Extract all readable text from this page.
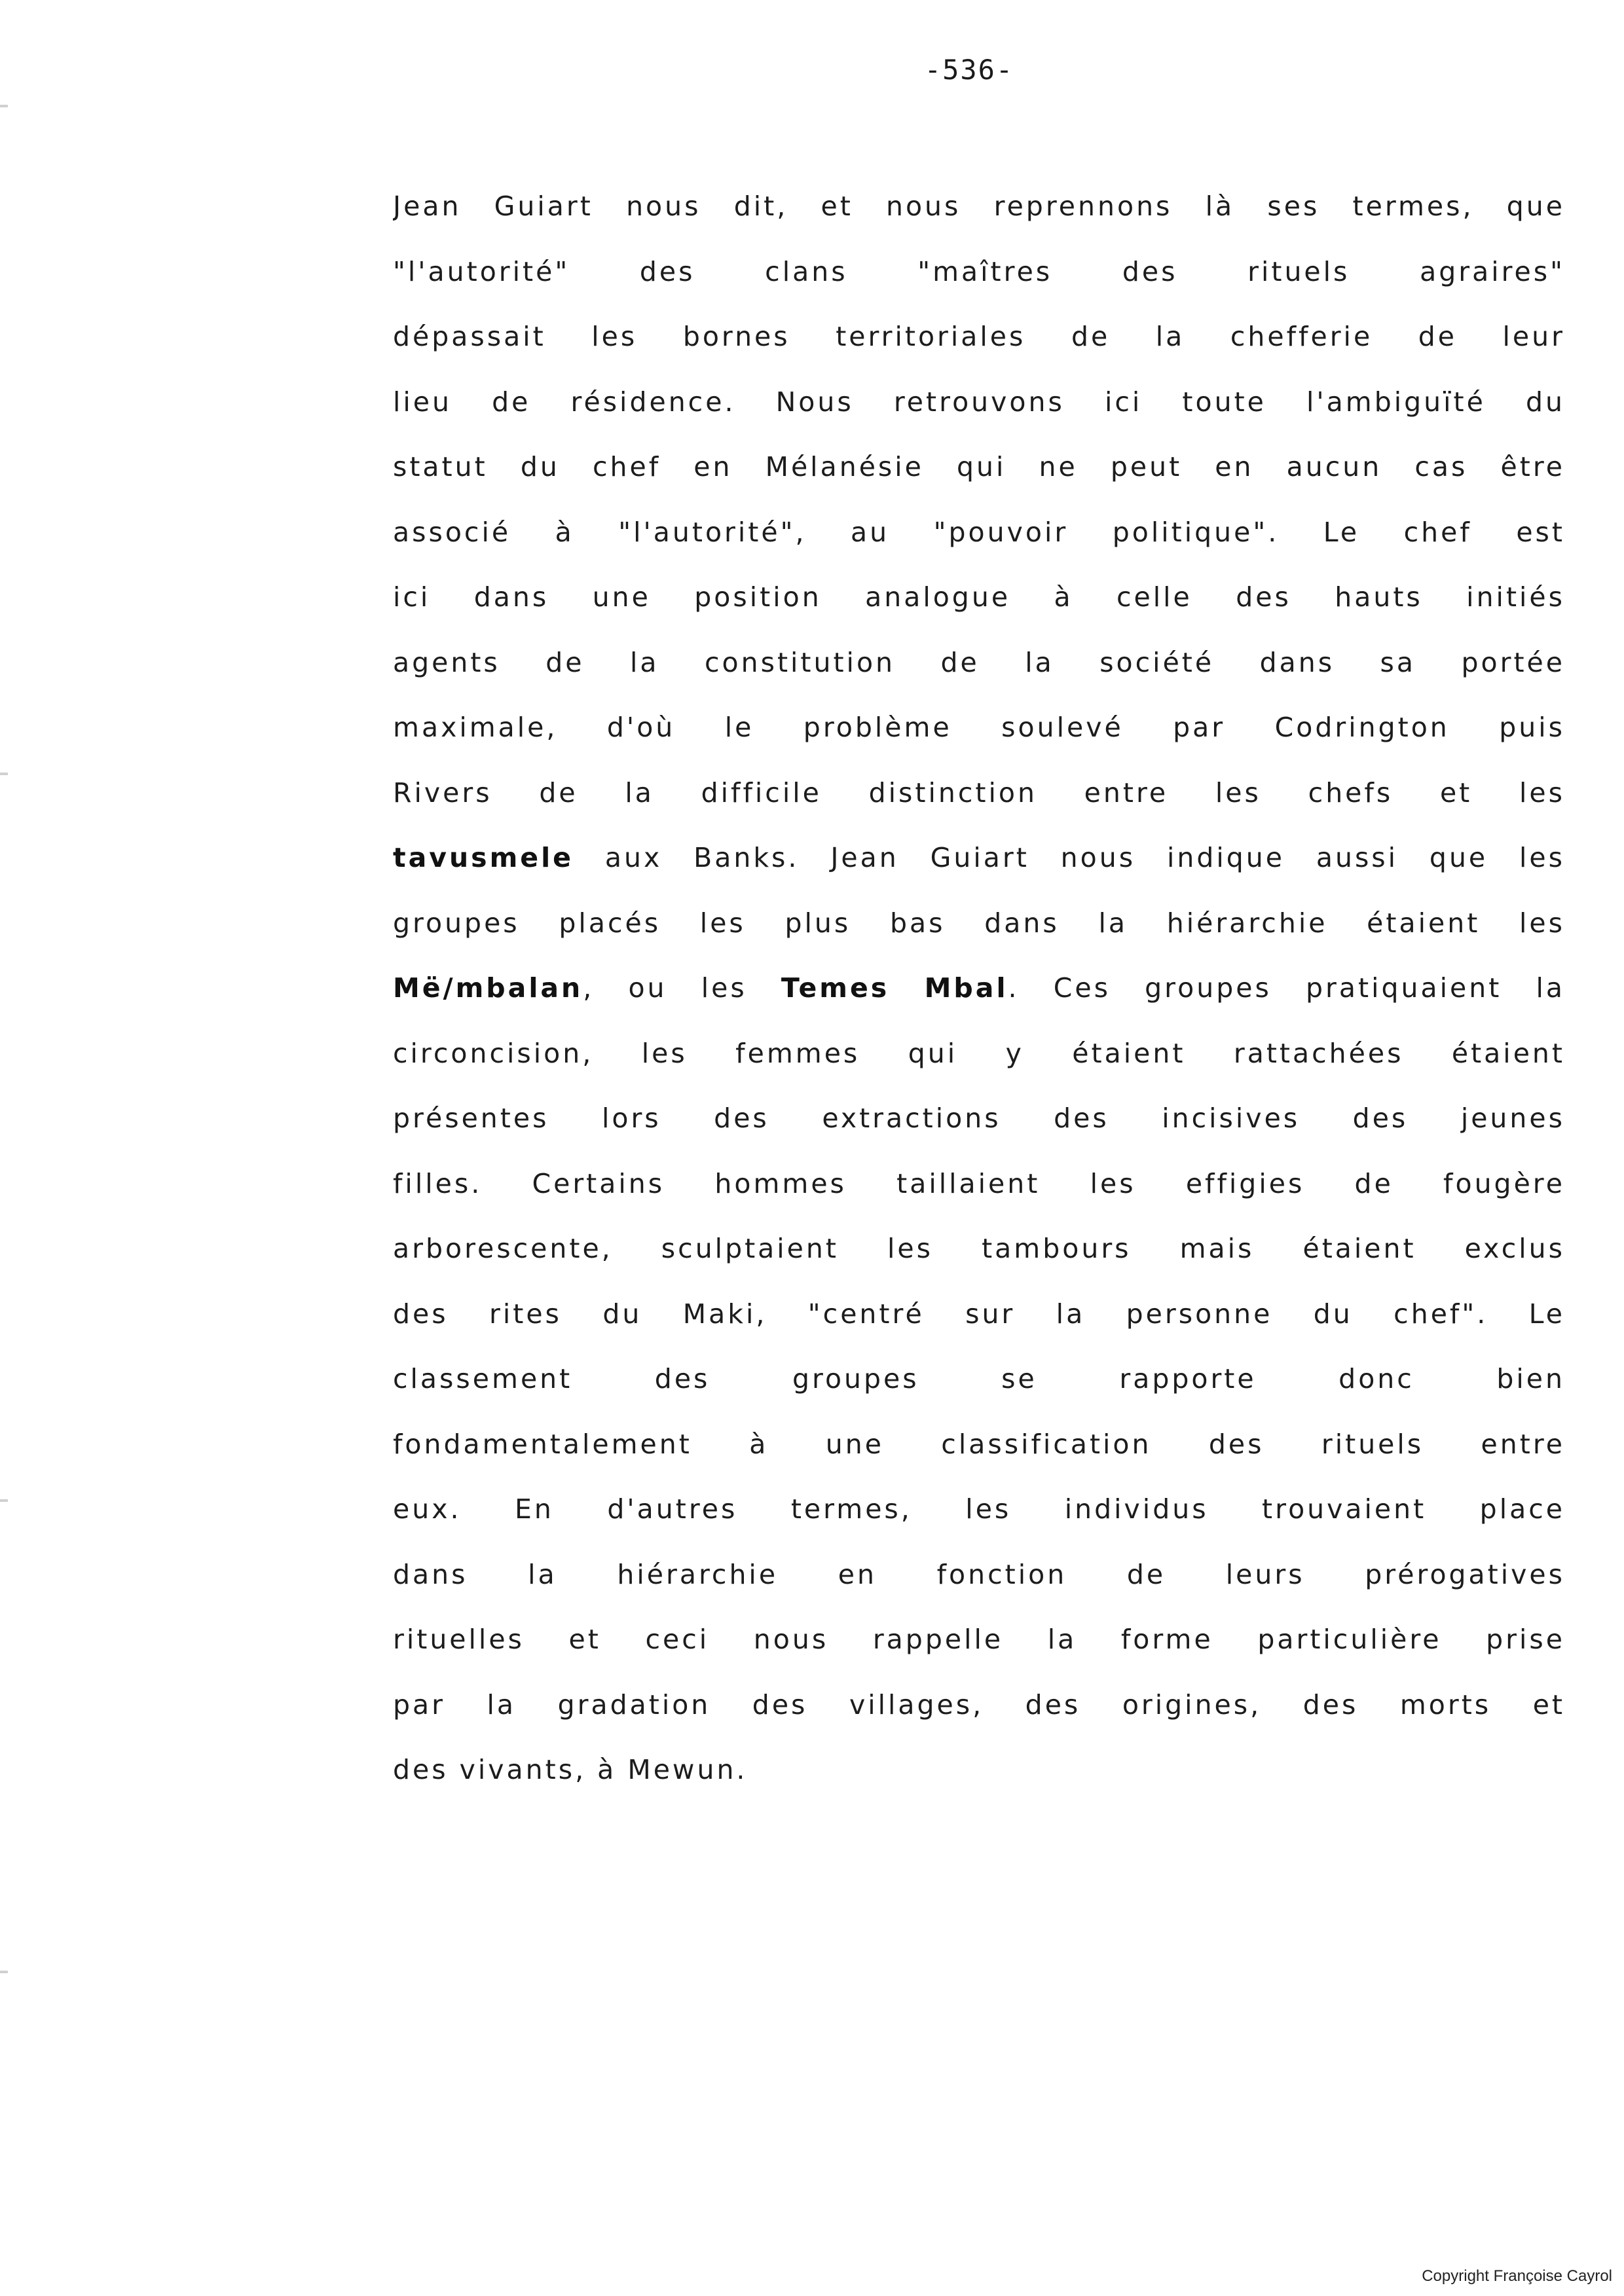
-536-
Jean Guiart nous dit, et nous reprennons là ses termes, que
"l'autorité" des clans "maîtres des rituels agraires"
dépassait les bornes territoriales de la chefferie de leur
lieu de résidence. Nous retrouvons ici toute l'ambiguïté du
statut du chef en Mélanésie qui ne peut en aucun cas être
associé à "l'autorité", au "pouvoir politique". Le chef est
ici dans une position analogue à celle des hauts initiés
agents de la constitution de la société dans sa portée
maximale, d'où le problème soulevé par Codrington puis
Rivers de la difficile distinction entre les chefs et les
tavusmele aux Banks. Jean Guiart nous indique aussi que les
groupes placés les plus bas dans la hiérarchie étaient les
Më/mbalan, ou les Temes Mbal. Ces groupes pratiquaient la
circoncision, les femmes qui y étaient rattachées étaient
présentes lors des extractions des incisives des jeunes
filles. Certains hommes taillaient les effigies de fougère
arborescente, sculptaient les tambours mais étaient exclus
des rites du Maki, "centré sur la personne du chef". Le
classement des groupes se rapporte donc bien
fondamentalement à une classification des rituels entre
eux. En d'autres termes, les individus trouvaient place
dans la hiérarchie en fonction de leurs prérogatives
rituelles et ceci nous rappelle la forme particulière prise
par la gradation des villages, des origines, des morts et
des vivants, à Mewun.
Copyright Françoise Cayrol
